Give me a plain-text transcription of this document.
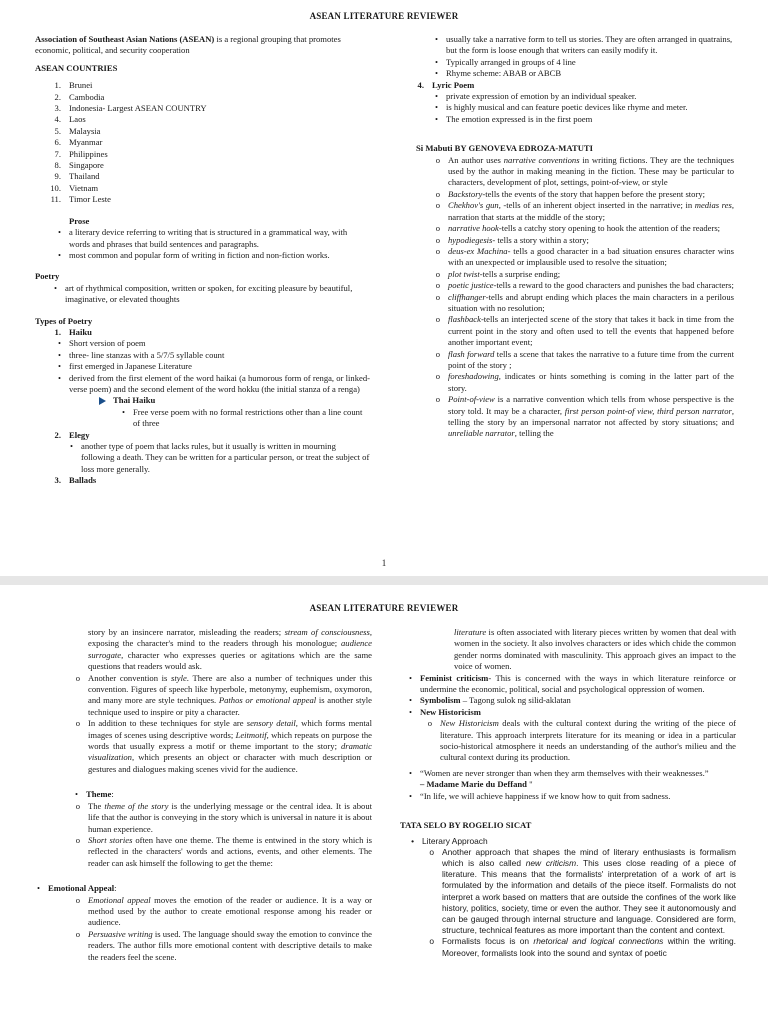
ASEAN LITERATURE REVIEWER
Association of Southeast Asian Nations (ASEAN) is a regional grouping that promotes economic, political, and security cooperation
ASEAN COUNTRIES
1. Brunei
2. Cambodia
3. Indonesia- Largest ASEAN COUNTRY
4. Laos
5. Malaysia
6. Myanmar
7. Philippines
8. Singapore
9. Thailand
10. Vietnam
11. Timor Leste
Prose
• a literary device referring to writing that is structured in a grammatical way, with words and phrases that build sentences and paragraphs.
• most common and popular form of writing in fiction and non-fiction works.
Poetry
• art of rhythmical composition, written or spoken, for exciting pleasure by beautiful, imaginative, or elevated thoughts
Types of Poetry
1. Haiku
• Short version of poem
• three- line stanzas with a 5/7/5 syllable count
• first emerged in Japanese Literature
• derived from the first element of the word haikai (a humorous form of renga, or linked-verse poem) and the second element of the word hokku (the initial stanza of a renga)
Thai Haiku
• Free verse poem with no formal restrictions other than a line count of three
2. Elegy
• another type of poem that lacks rules, but it usually is written in mourning following a death. They can be written for a particular person, or treat the subject of loss more generally.
3. Ballads
• usually take a narrative form to tell us stories. They are often arranged in quatrains, but the form is loose enough that writers can easily modify it.
• Typically arranged in groups of 4 line
• Rhyme scheme: ABAB or ABCB
4. Lyric Poem
• private expression of emotion by an individual speaker.
• is highly musical and can feature poetic devices like rhyme and meter.
• The emotion expressed is in the first poem
Si Mabuti BY GENOVEVA EDROZA-MATUTI
o An author uses narrative conventions in writing fictions. They are the techniques used by the author in making meaning in the fiction. These may be particular to characters, development of plot, settings, point-of-view, or style
o Backstory-tells the events of the story that happen before the present story;
o Chekhov's gun, -tells of an inherent object inserted in the narrative; in medias res, narration that starts at the middle of the story;
o narrative hook-tells a catchy story opening to hook the attention of the readers;
o hypodiegesis- tells a story within a story;
o deus-ex Machina- tells a good character in a bad situation ensures character wins with an unexpected or implausible used to resolve the situation;
o plot twist-tells a surprise ending;
o poetic justice-tells a reward to the good characters and punishes the bad characters;
o cliffhanger-tells and abrupt ending which places the main characters in a perilous situation with no resolution;
o flashback-tells an interjected scene of the story that takes it back in time from the current point in the story and often used to tell the events that happened before another important event;
o flash forward tells a scene that takes the narrative to a future time from the current point of the story ;
o foreshadowing, indicates or hints something is coming in the latter part of the story.
o Point-of-view is a narrative convention which tells from whose perspective is the story told. It may be a character, first person point-of view, third person narrator, telling the story by an impersonal narrator not affected by story situations; and unreliable narrator, telling the
1
ASEAN LITERATURE REVIEWER
story by an insincere narrator, misleading the readers; stream of consciousness, exposing the character's mind to the readers through his monologue; audience surrogate, character who expresses queries or agitations which are the same questions that readers would ask.
o Another convention is style. There are also a number of techniques under this convention. Figures of speech like hyperbole, metonymy, euphemism, oxymoron, and many more are style techniques. Pathos or emotional appeal is another style technique used to inspire or pity a character.
o In addition to these techniques for style are sensory detail, which forms mental images of scenes using descriptive words; Leitmotif, which repeats on purpose the words that usually express a motif or theme important to the story; dramatic visualization, which presents an object or character with much description or gestures and dialogues making scenes vivid for the audience.
• Theme:
o The theme of the story is the underlying message or the central idea. It is about life that the author is conveying in the story which is universal in nature it is about human experience.
o Short stories often have one theme. The theme is entwined in the story which is reflected in the characters' words and actions, events, and other elements. The reader can ask himself the following to get the theme:
• Emotional Appeal:
o Emotional appeal moves the emotion of the reader or audience. It is a way or method used by the author to create emotional response among his reader or audience.
o Persuasive writing is used. The language should sway the emotion to convince the readers. The author fills more emotional content with descriptive details to make the readers feel the scene.
literature is often associated with literary pieces written by women that deal with women in the society. It also involves characters or ides which chide the common gender norms dominated with masculinity. This approach gives an impact to the voice of women.
• Feminist criticism- This is concerned with the ways in which literature reinforce or undermine the economic, political, social and psychological oppression of women.
• Symbolism – Tagong sulok ng silid-aklatan
• New Historicism
o New Historicism deals with the cultural context during the writing of the piece of literature. This approach interprets literature for its meaning or idea in a particular socio-historical atmosphere it needs an understanding of the author's milieu and the cultural context during its production.
• “Women are never stronger than when they arm themselves with their weaknesses.”
– Madame Marie du Deffand "
• “In life, we will achieve happiness if we know how to quit from sadness.
TATA SELO BY ROGELIO SICAT
• Literary Approach
o Another approach that shapes the mind of literary enthusiasts is formalism which is also called new criticism. This uses close reading of a piece of literature. This means that the formalists' interpretation of a work of art is formulated by the information and details of the piece itself. Formalists do not interpret a work based on matters that are outside the confines of the work like history, politics, society, time or even the author. They see it autonomously and can be gauged through internal structure and language. Considered are form, structure, technical features as more important than the content and context.
o Formalists focus is on rhetorical and logical connections within the writing. Moreover, formalists look into the sound and syntax of poetic
